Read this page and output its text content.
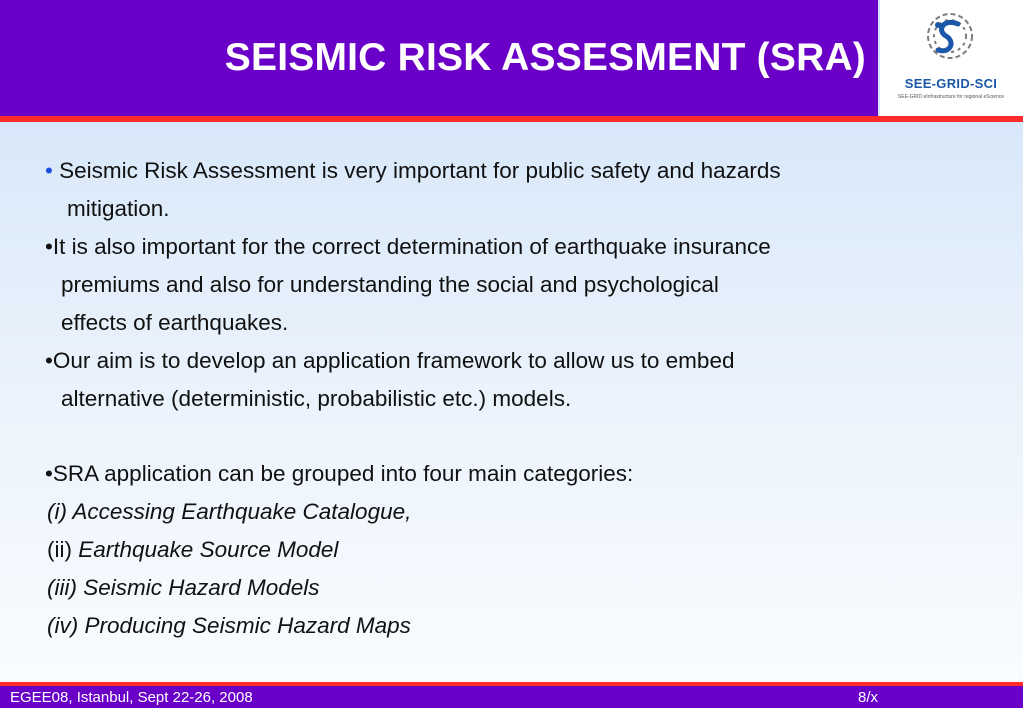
SEISMIC RISK ASSESMENT (SRA)
SEE-GRID-SCI
SEE-GRID eInfrastructure for regional eScience
• Seismic Risk Assessment is very important for public safety and hazards
mitigation.
•It is also important for the correct determination of earthquake insurance
premiums and also for understanding the social and psychological
effects of earthquakes.
•Our aim is to develop an application framework to allow us to embed
alternative (deterministic, probabilistic etc.) models.
•SRA application can be grouped into four main categories:
(i) Accessing Earthquake Catalogue,
(ii) Earthquake Source Model
(iii) Seismic Hazard Models
(iv) Producing Seismic Hazard Maps
EGEE08, Istanbul, Sept 22-26, 2008	8/x
